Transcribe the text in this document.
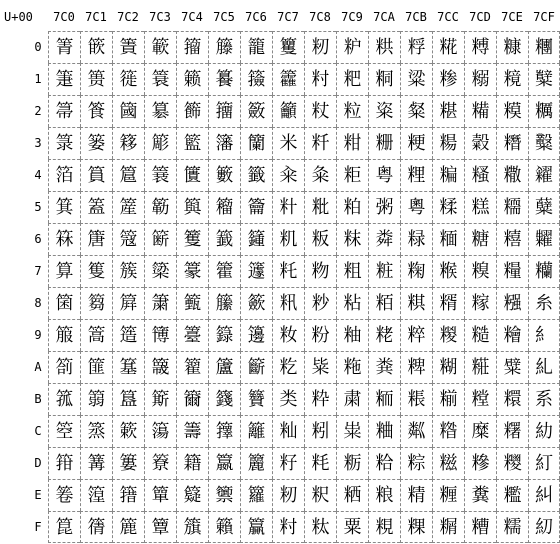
U+00	7C0 7C1 7C2 7C3 7C4 7C5 7C6 7C7 7C8 7C9 7CA 7CB 7CC 7CD 7CE 7CF
0
1
2
3
4
5
6
7
8
9
A
B
C
D
E
F
箐 篏 簀 簐 籀 籐 籠 籰 籾 粐 粠 粰 糀 糐 糠 糰
箑 篑 簁 簑 籁 籑 籡 籱 籿 粑 粡 粱 糁 糑 糡 糱
箒 篒 簂 簒 籂 籒 籢 籲 粀 粒 粢 粲 糂 糒 糢 糲
箓 篓 簃 簓 籃 籓 籣 米 粁 粓 粣 粳 糃 糓 糣 糳
箔 篔 簄 簔 籄 籔 籤 籴 粂 粔 粤 粴 糄 糔 糤 糴
箕 篕 簅 簕 籅 籕 籥 籵 粃 粕 粥 粵 糅 糕 糥 糵
箖 篖 簆 簖 籆 籖 籦 籶 粄 粖 粦 粶 糆 糖 糦 糶
算 篗 簇 簗 籇 籗 籧 籷 粅 粗 粧 粷 糇 糗 糧 糷
箘 篘 簈 簘 籈 籘 籨 籸 粆 粘 粨 粸 糈 糘 糨 糸
箙 篙 簉 簙 籉 籙 籩 籹 粉 粙 粩 粹 糉 糙 糩 糹
箚 篚 簊 簚 籊 籚 籪 籺 粊 粚 粪 粺 糊 糚 糪 糺
箛 篛 簋 簛 籋 籛 籫 类 粋 粛 粫 粻 糋 糛 糫 系
箜 篜 簌 簜 籌 籜 籬 籼 粌 粜 粬 粼 糌 糜 糬 糼
箝 篝 簍 簝 籍 籝 籭 籽 粍 粝 粭 粽 糍 糝 糭 糽
箞 篞 簎 簞 籎 籞 籮 籾 粎 粞 粮 精 糎 糞 糮 糾
箟 篟 簏 簟 籏 籟 籯 籿 粏 粟 粯 粿 糏 糟 糯 糿
